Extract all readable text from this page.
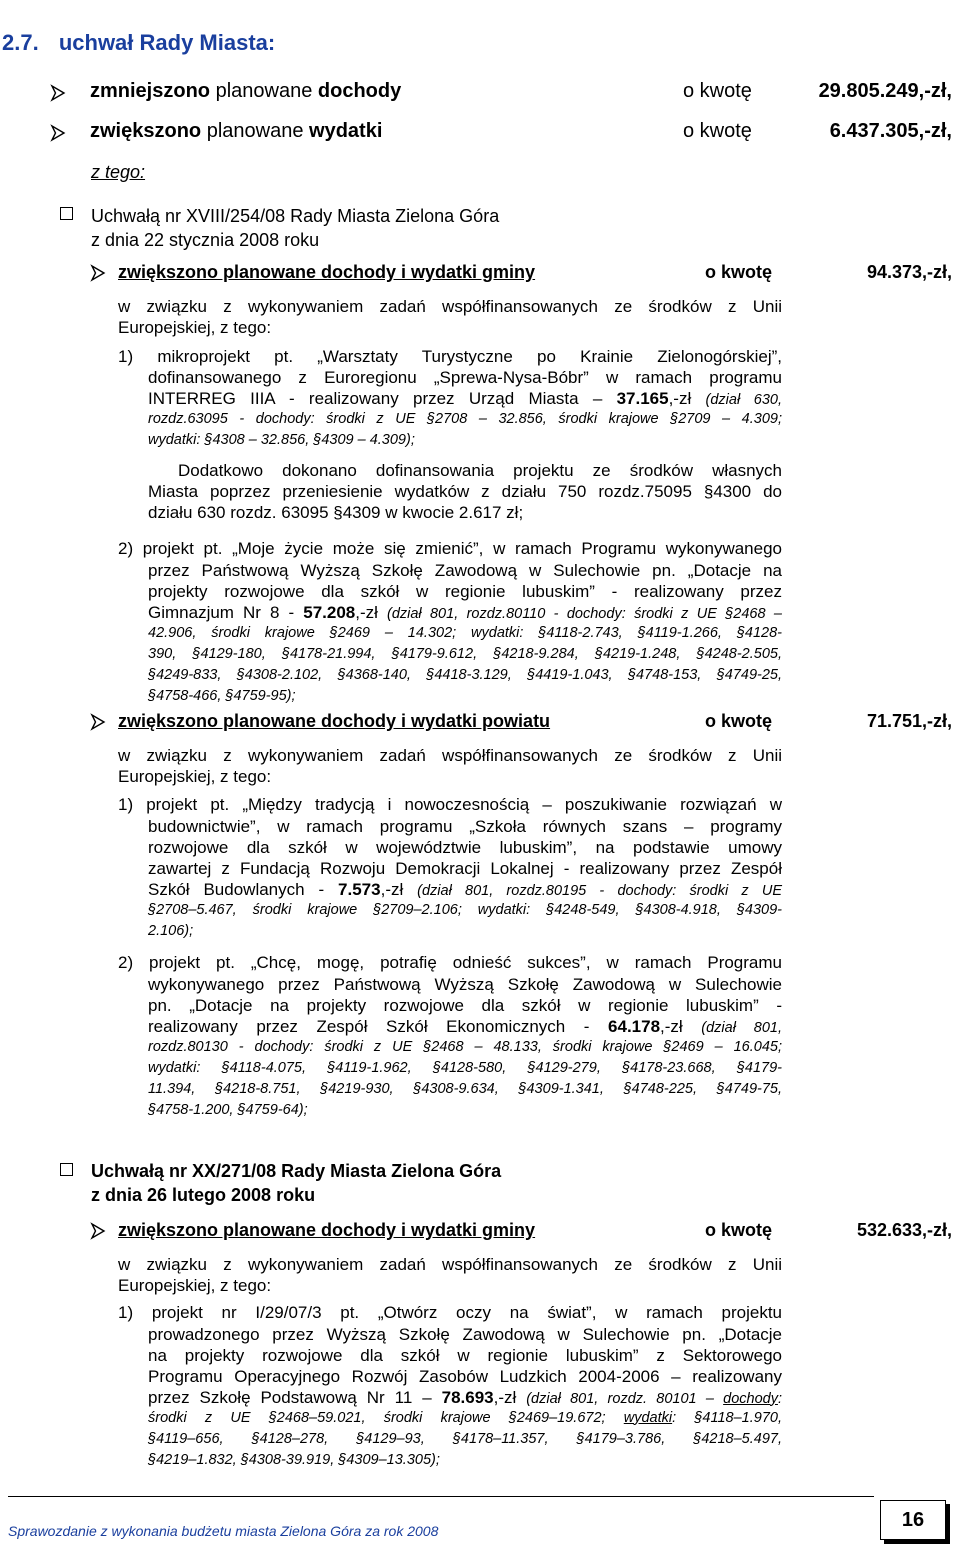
2.7. uchwał Rady Miasta:
zmniejszono planowane dochody	o kwotę	29.805.249,-zł,
zwiększono planowane wydatki	o kwotę	6.437.305,-zł,
z tego:
Uchwałą nr XVIII/254/08 Rady Miasta Zielona Góra
z dnia 22 stycznia 2008 roku
zwiększono planowane dochody i wydatki gminy	o kwotę	94.373,-zł,
w związku z wykonywaniem zadań współfinansowanych ze środków z Unii
Europejskiej, z tego:
1) mikroprojekt pt. „Warsztaty Turystyczne po Krainie Zielonogórskiej”,
dofinansowanego z Euroregionu „Sprewa-Nysa-Bóbr” w ramach programu
INTERREG IIIA - realizowany przez Urząd Miasta – 37.165,-zł (dział 630,
rozdz.63095 - dochody: środki z UE §2708 – 32.856, środki krajowe §2709 – 4.309;
wydatki: §4308 – 32.856, §4309 – 4.309);
Dodatkowo dokonano dofinansowania projektu ze środków własnych
Miasta poprzez przeniesienie wydatków z działu 750 rozdz.75095 §4300 do
działu 630 rozdz. 63095 §4309 w kwocie 2.617 zł;
2) projekt pt. „Moje życie może się zmienić”, w ramach Programu wykonywanego
przez Państwową Wyższą Szkołę Zawodową w Sulechowie pn. „Dotacje na
projekty rozwojowe dla szkół w regionie lubuskim” - realizowany przez
Gimnazjum Nr 8 - 57.208,-zł (dział 801, rozdz.80110 - dochody: środki z UE §2468 –
42.906, środki krajowe §2469 – 14.302; wydatki: §4118-2.743, §4119-1.266, §4128-
390, §4129-180, §4178-21.994, §4179-9.612, §4218-9.284, §4219-1.248, §4248-2.505,
§4249-833, §4308-2.102, §4368-140, §4418-3.129, §4419-1.043, §4748-153, §4749-25,
§4758-466, §4759-95);
zwiększono planowane dochody i wydatki powiatu	o kwotę	71.751,-zł,
w związku z wykonywaniem zadań współfinansowanych ze środków z Unii
Europejskiej, z tego:
1) projekt pt. „Między tradycją i nowoczesnością – poszukiwanie rozwiązań w
budownictwie”, w ramach programu „Szkoła równych szans – programy
rozwojowe dla szkół w województwie lubuskim”, na podstawie umowy
zawartej z Fundacją Rozwoju Demokracji Lokalnej - realizowany przez Zespół
Szkół Budowlanych - 7.573,-zł (dział 801, rozdz.80195 - dochody: środki z UE
§2708–5.467, środki krajowe §2709–2.106; wydatki: §4248-549, §4308-4.918, §4309-
2.106);
2) projekt pt. „Chcę, mogę, potrafię odnieść sukces”, w ramach Programu
wykonywanego przez Państwową Wyższą Szkołę Zawodową w Sulechowie
pn. „Dotacje na projekty rozwojowe dla szkół w regionie lubuskim” -
realizowany przez Zespół Szkół Ekonomicznych - 64.178,-zł (dział 801,
rozdz.80130 - dochody: środki z UE §2468 – 48.133, środki krajowe §2469 – 16.045;
wydatki: §4118-4.075, §4119-1.962, §4128-580, §4129-279, §4178-23.668, §4179-
11.394, §4218-8.751, §4219-930, §4308-9.634, §4309-1.341, §4748-225, §4749-75,
§4758-1.200, §4759-64);
Uchwałą nr XX/271/08 Rady Miasta Zielona Góra
z dnia 26 lutego 2008 roku
zwiększono planowane dochody i wydatki gminy	o kwotę	532.633,-zł,
w związku z wykonywaniem zadań współfinansowanych ze środków z Unii
Europejskiej, z tego:
1) projekt nr I/29/07/3 pt. „Otwórz oczy na świat”, w ramach projektu
prowadzonego przez Wyższą Szkołę Zawodową w Sulechowie pn. „Dotacje
na projekty rozwojowe dla szkół w regionie lubuskim” z Sektorowego
Programu Operacyjnego Rozwój Zasobów Ludzkich 2004-2006 – realizowany
przez Szkołę Podstawową Nr 11 – 78.693,-zł (dział 801, rozdz. 80101 – dochody:
środki z UE §2468–59.021, środki krajowe §2469–19.672; wydatki: §4118–1.970,
§4119–656, §4128–278, §4129–93, §4178–11.357, §4179–3.786, §4218–5.497,
§4219–1.832, §4308-39.919, §4309–13.305);
Sprawozdanie z wykonania budżetu miasta Zielona Góra za rok 2008
16
